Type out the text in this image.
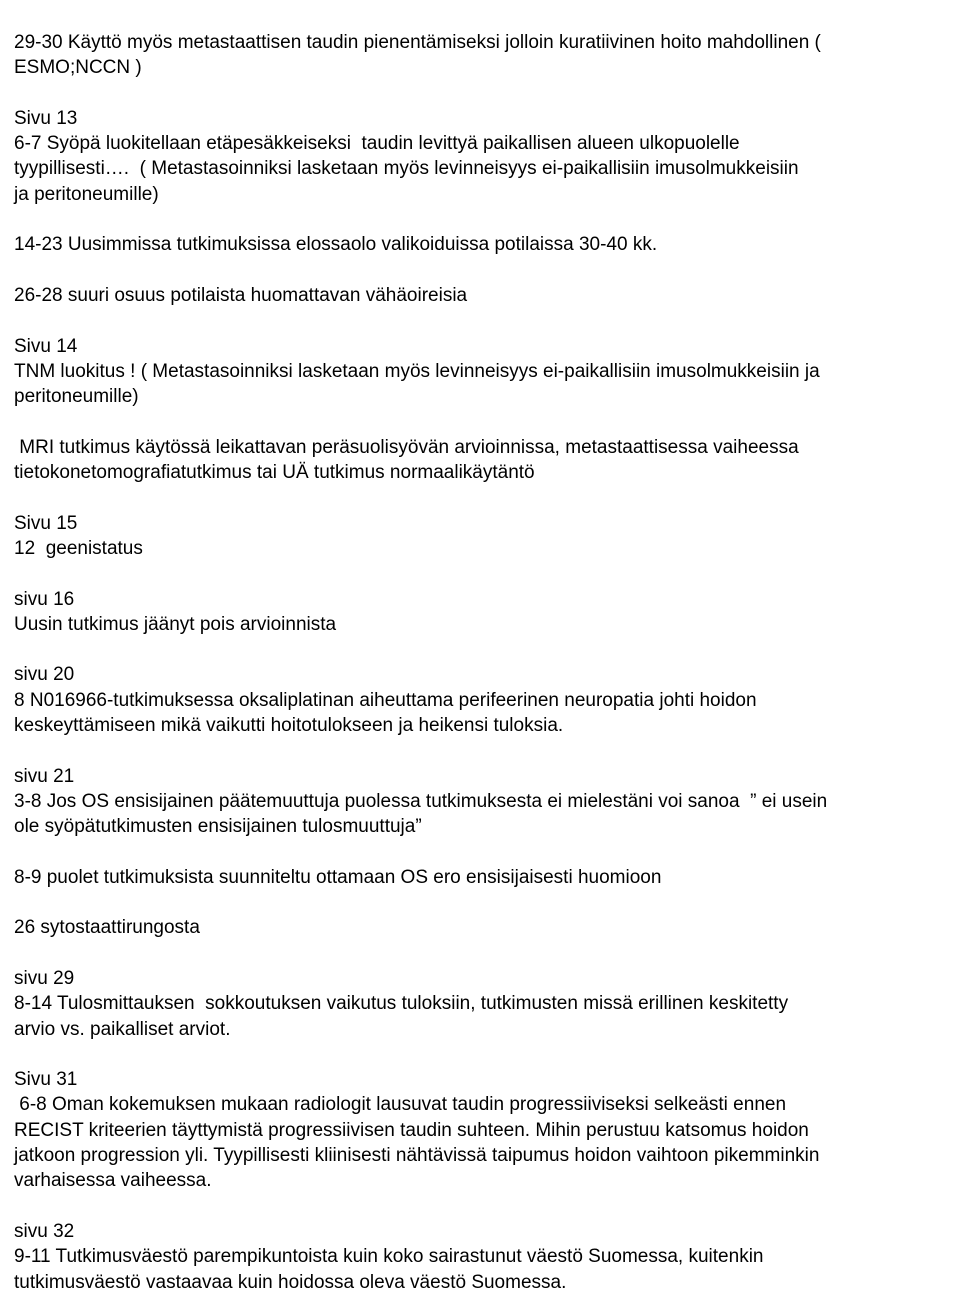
29-30 Käyttö myös metastaattisen taudin pienentämiseksi jolloin kuratiivinen hoito mahdollinen (
ESMO;NCCN )
Sivu 13
6-7 Syöpä luokitellaan etäpesäkkeiseksi  taudin levittyä paikallisen alueen ulkopuolelle
tyypillisesti….  ( Metastasoinniksi lasketaan myös levinneisyys ei-paikallisiin imusolmukkeisiin
ja peritoneumille)
14-23 Uusimmissa tutkimuksissa elossaolo valikoiduissa potilaissa 30-40 kk.
26-28 suuri osuus potilaista huomattavan vähäoireisia
Sivu 14
TNM luokitus ! ( Metastasoinniksi lasketaan myös levinneisyys ei-paikallisiin imusolmukkeisiin ja
peritoneumille)
MRI tutkimus käytössä leikattavan peräsuolisyövän arvioinnissa, metastaattisessa vaiheessa
tietokonetomografiatutkimus tai UÄ tutkimus normaalikäytäntö
Sivu 15
12  geenistatus
sivu 16
Uusin tutkimus jäänyt pois arvioinnista
sivu 20
8 N016966-tutkimuksessa oksaliplatinan aiheuttama perifeerinen neuropatia johti hoidon
keskeyttämiseen mikä vaikutti hoitotulokseen ja heikensi tuloksia.
sivu 21
3-8 Jos OS ensisijainen päätemuuttuja puolessa tutkimuksesta ei mielestäni voi sanoa  ” ei usein
ole syöpätutkimusten ensisijainen tulosmuuttuja”
8-9 puolet tutkimuksista suunniteltu ottamaan OS ero ensisijaisesti huomioon
26 sytostaattirungosta
sivu 29
8-14 Tulosmittauksen  sokkoutuksen vaikutus tuloksiin, tutkimusten missä erillinen keskitetty
arvio vs. paikalliset arviot.
Sivu 31
6-8 Oman kokemuksen mukaan radiologit lausuvat taudin progressiiviseksi selkeästi ennen
RECIST kriteerien täyttymistä progressiivisen taudin suhteen. Mihin perustuu katsomus hoidon
jatkoon progression yli. Tyypillisesti kliinisesti nähtävissä taipumus hoidon vaihtoon pikemminkin
varhaisessa vaiheessa.
sivu 32
9-11 Tutkimusväestö parempikuntoista kuin koko sairastunut väestö Suomessa, kuitenkin
tutkimusväestö vastaavaa kuin hoidossa oleva väestö Suomessa.
